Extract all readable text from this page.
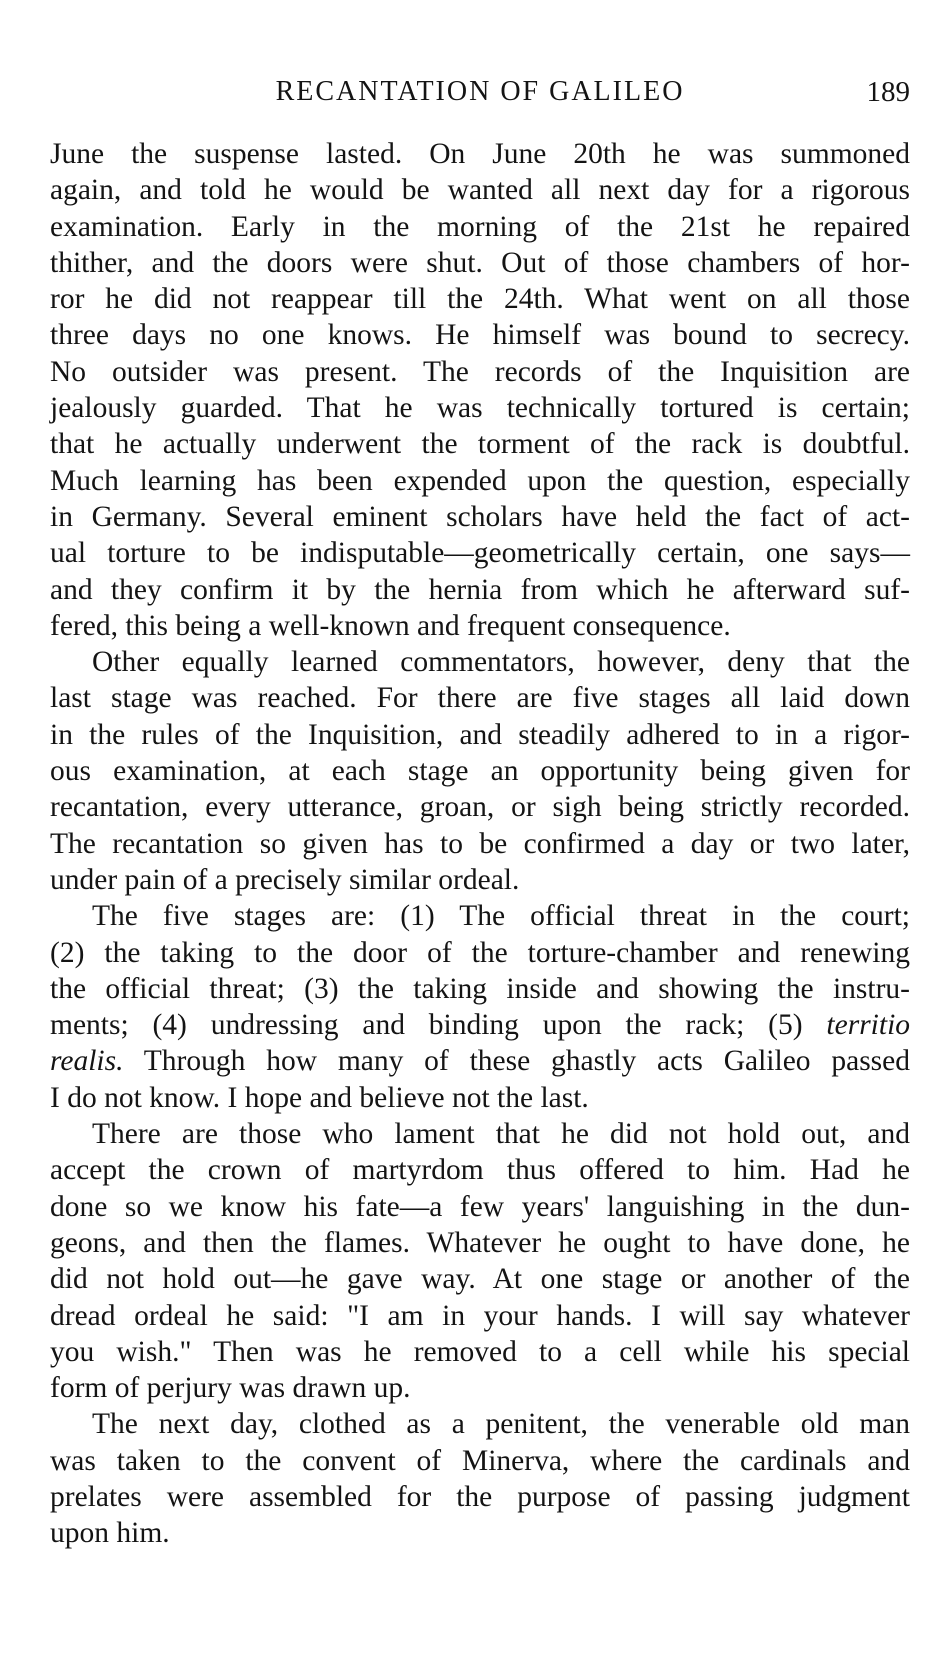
RECANTATION OF GALILEO	189
June the suspense lasted. On June 20th he was summoned
again, and told he would be wanted all next day for a rigorous
examination. Early in the morning of the 21st he repaired
thither, and the doors were shut. Out of those chambers of hor-
ror he did not reappear till the 24th. What went on all those
three days no one knows. He himself was bound to secrecy.
No outsider was present. The records of the Inquisition are
jealously guarded. That he was technically tortured is certain;
that he actually underwent the torment of the rack is doubtful.
Much learning has been expended upon the question, especially
in Germany. Several eminent scholars have held the fact of act-
ual torture to be indisputable—geometrically certain, one says—
and they confirm it by the hernia from which he afterward suf-
fered, this being a well-known and frequent consequence.
Other equally learned commentators, however, deny that the
last stage was reached. For there are five stages all laid down
in the rules of the Inquisition, and steadily adhered to in a rigor-
ous examination, at each stage an opportunity being given for
recantation, every utterance, groan, or sigh being strictly recorded.
The recantation so given has to be confirmed a day or two later,
under pain of a precisely similar ordeal.
The five stages are: (1) The official threat in the court;
(2) the taking to the door of the torture-chamber and renewing
the official threat; (3) the taking inside and showing the instru-
ments; (4) undressing and binding upon the rack; (5) territio
realis. Through how many of these ghastly acts Galileo passed
I do not know. I hope and believe not the last.
There are those who lament that he did not hold out, and
accept the crown of martyrdom thus offered to him. Had he
done so we know his fate—a few years' languishing in the dun-
geons, and then the flames. Whatever he ought to have done, he
did not hold out—he gave way. At one stage or another of the
dread ordeal he said: "I am in your hands. I will say whatever
you wish." Then was he removed to a cell while his special
form of perjury was drawn up.
The next day, clothed as a penitent, the venerable old man
was taken to the convent of Minerva, where the cardinals and
prelates were assembled for the purpose of passing judgment
upon him.
